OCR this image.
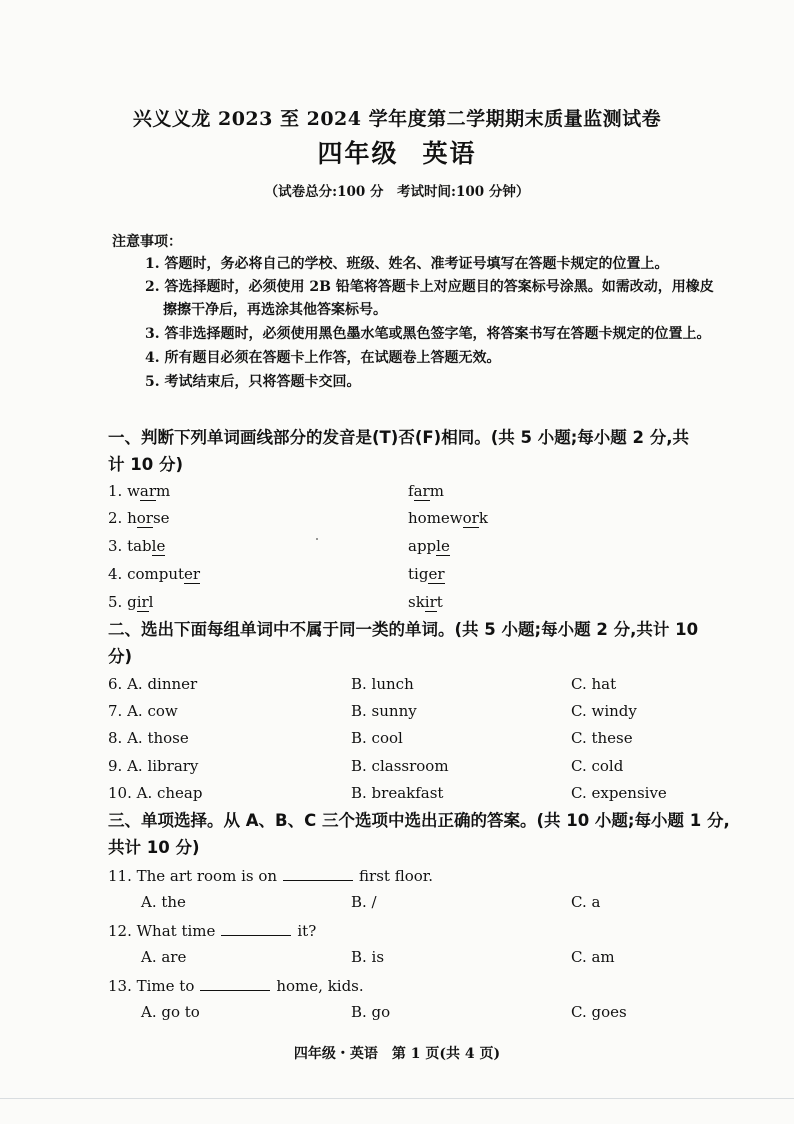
兴义义龙 2023 至 2024 学年度第二学期期末质量监测试卷
四年级 英语
（试卷总分:100 分　考试时间:100 分钟）
注意事项：
1. 答题时，务必将自己的学校、班级、姓名、准考证号填写在答题卡规定的位置上。
2. 答选择题时，必须使用 2B 铅笔将答题卡上对应题目的答案标号涂黑。如需改动，用橡皮
擦擦干净后，再选涂其他答案标号。
3. 答非选择题时，必须使用黑色墨水笔或黑色签字笔，将答案书写在答题卡规定的位置上。
4. 所有题目必须在答题卡上作答，在试题卷上答题无效。
5. 考试结束后，只将答题卡交回。
一、判断下列单词画线部分的发音是(T)否(F)相同。(共 5 小题;每小题 2 分,共
计 10 分)
1. warm	farm
2. horse	homework
3. table	apple
4. computer	tiger
5. girl	skirt
二、选出下面每组单词中不属于同一类的单词。(共 5 小题;每小题 2 分,共计 10
分)
6. A. dinner	B. lunch	C. hat
7. A. cow	B. sunny	C. windy
8. A. those	B. cool	C. these
9. A. library	B. classroom	C. cold
10. A. cheap	B. breakfast	C. expensive
三、单项选择。从 A、B、C 三个选项中选出正确的答案。(共 10 小题;每小题 1 分,
共计 10 分)
11. The art room is on	first floor.
A. the	B. /	C. a
12. What time	it?
A. are	B. is	C. am
13. Time to	home, kids.
A. go to	B. go	C. goes
四年级・英语　第 1 页(共 4 页)
